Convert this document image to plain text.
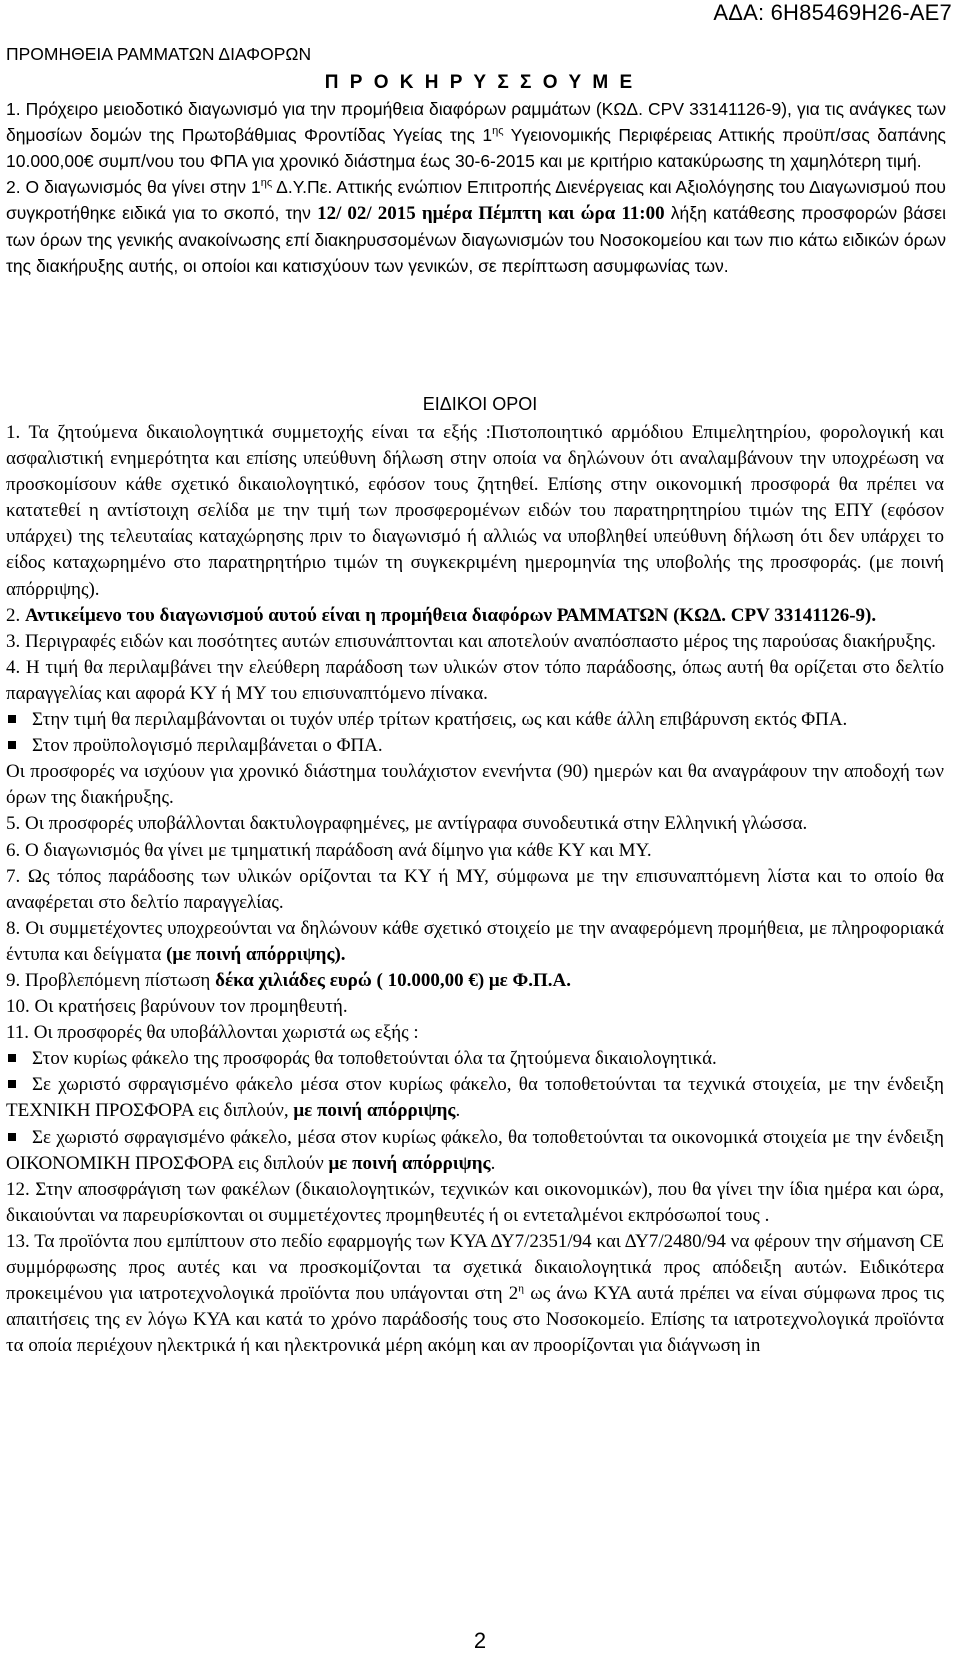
ΑΔΑ: 6Η85469Η26-ΑΕ7
ΠΡΟΜΗΘΕΙΑ ΡΑΜΜΑΤΩΝ ΔΙΑΦΟΡΩΝ
Π Ρ Ο Κ Η Ρ Υ Σ Σ Ο Υ Μ Ε

1. Πρόχειρο μειοδοτικό διαγωνισμό για την προμήθεια διαφόρων ραμμάτων (ΚΩΔ. CPV 33141126-9), για τις ανάγκες των δημοσίων δομών της Πρωτοβάθμιας Φροντίδας Υγείας της $1^{\eta\varsigma}$ Υγειονομικής Περιφέρειας Αττικής προϋπ/σας δαπάνης 10.000,00€ συμπ/νου του ΦΠΑ για χρονικό διάστημα έως 30-6-2015 και με κριτήριο κατακύρωσης τη χαμηλότερη τιμή.

2. Ο διαγωνισμός θα γίνει στην $1^{\eta\varsigma}$ Δ.Υ.Πε. Αττικής ενώπιον Επιτροπής Διενέργειας και Αξιολόγησης του Διαγωνισμού που συγκροτήθηκε ειδικά για το σκοπό, την 12/ 02/ 2015 ημέρα Πέμπτη και ώρα 11:00 λήξη κατάθεσης προσφορών βάσει των όρων της γενικής ανακοίνωσης επί διακηρυσσομένων διαγωνισμών του Νοσοκομείου και των πιο κάτω ειδικών όρων της διακήρυξης αυτής, οι οποίοι και κατισχύουν των γενικών, σε περίπτωση ασυμφωνίας των.

ΕΙΔΙΚΟΙ ΟΡΟΙ

1. Τα ζητούμενα δικαιολογητικά συμμετοχής είναι τα εξής :Πιστοποιητικό αρμόδιου Επιμελητηρίου, φορολογική και ασφαλιστική ενημερότητα και επίσης υπεύθυνη δήλωση στην οποία να δηλώνουν ότι αναλαμβάνουν την υποχρέωση να προσκομίσουν κάθε σχετικό δικαιολογητικό, εφόσον τους ζητηθεί. Επίσης στην οικονομική προσφορά θα πρέπει να κατατεθεί η αντίστοιχη σελίδα με την τιμή των προσφερομένων ειδών του παρατηρητηρίου τιμών της ΕΠΥ (εφόσον υπάρχει) της τελευταίας καταχώρησης πριν το διαγωνισμό ή αλλιώς να υποβληθεί υπεύθυνη δήλωση ότι δεν υπάρχει το είδος καταχωρημένο στο παρατηρητήριο τιμών τη συγκεκριμένη ημερομηνία της υποβολής της προσφοράς. (με ποινή απόρριψης).

2. Αντικείμενο του διαγωνισμού αυτού είναι η προμήθεια διαφόρων ΡΑΜΜΑΤΩΝ (ΚΩΔ. CPV 33141126-9).

3. Περιγραφές ειδών και ποσότητες αυτών επισυνάπτονται και αποτελούν αναπόσπαστο μέρος της παρούσας διακήρυξης.

4. Η τιμή θα περιλαμβάνει την ελεύθερη παράδοση των υλικών στον τόπο παράδοσης, όπως αυτή θα ορίζεται στο δελτίο παραγγελίας και αφορά ΚΥ ή ΜΥ του επισυναπτόμενο πίνακα.

Στην τιμή θα περιλαμβάνονται οι τυχόν υπέρ τρίτων κρατήσεις, ως και κάθε άλλη επιβάρυνση εκτός ΦΠΑ.

Στον προϋπολογισμό περιλαμβάνεται ο ΦΠΑ.

Οι προσφορές να ισχύουν για χρονικό διάστημα τουλάχιστον ενενήντα (90) ημερών και θα αναγράφουν την αποδοχή των όρων της διακήρυξης.

5. Οι προσφορές υποβάλλονται δακτυλογραφημένες, με αντίγραφα συνοδευτικά στην Ελληνική γλώσσα.

6. Ο διαγωνισμός θα γίνει με τμηματική παράδοση ανά δίμηνο για κάθε ΚΥ και ΜΥ.

7. Ως τόπος παράδοσης των υλικών ορίζονται τα ΚΥ ή ΜΥ, σύμφωνα με την επισυναπτόμενη λίστα και το οποίο θα αναφέρεται στο δελτίο παραγγελίας.

8. Οι συμμετέχοντες υποχρεούνται να δηλώνουν κάθε σχετικό στοιχείο με την αναφερόμενη προμήθεια, με πληροφοριακά έντυπα και δείγματα (με ποινή απόρριψης).

9. Προβλεπόμενη πίστωση δέκα χιλιάδες ευρώ ( 10.000,00 €) με Φ.Π.Α.

10. Οι κρατήσεις βαρύνουν τον προμηθευτή.

11. Οι προσφορές θα υποβάλλονται χωριστά ως εξής :

Στον κυρίως φάκελο της προσφοράς θα τοποθετούνται όλα τα ζητούμενα δικαιολογητικά.

Σε χωριστό σφραγισμένο φάκελο μέσα στον κυρίως φάκελο, θα τοποθετούνται τα τεχνικά στοιχεία, με την ένδειξη ΤΕΧΝΙΚΗ ΠΡΟΣΦΟΡΑ εις διπλούν, με ποινή απόρριψης.

Σε χωριστό σφραγισμένο φάκελο, μέσα στον κυρίως φάκελο, θα τοποθετούνται τα οικονομικά στοιχεία με την ένδειξη ΟΙΚΟΝΟΜΙΚΗ ΠΡΟΣΦΟΡΑ εις διπλούν με ποινή απόρριψης.

12. Στην αποσφράγιση των φακέλων (δικαιολογητικών, τεχνικών και οικονομικών), που θα γίνει την ίδια ημέρα και ώρα, δικαιούνται να παρευρίσκονται οι συμμετέχοντες προμηθευτές ή οι εντεταλμένοι εκπρόσωποί τους .

13. Τα προϊόντα που εμπίπτουν στο πεδίο εφαρμογής των ΚΥΑ ΔΥ7/2351/94 και ΔΥ7/2480/94 να φέρουν την σήμανση CE συμμόρφωσης προς αυτές και να προσκομίζονται τα σχετικά δικαιολογητικά προς απόδειξη αυτών. Ειδικότερα προκειμένου για ιατροτεχνολογικά προϊόντα που υπάγονται στη $2^\eta$ ως άνω ΚΥΑ αυτά πρέπει να είναι σύμφωνα προς τις απαιτήσεις της εν λόγω ΚΥΑ και κατά το χρόνο παράδοσής τους στο Νοσοκομείο. Επίσης τα ιατροτεχνολογικά προϊόντα τα οποία περιέχουν ηλεκτρικά ή και ηλεκτρονικά μέρη ακόμη και αν προορίζονται για διάγνωση in

2
